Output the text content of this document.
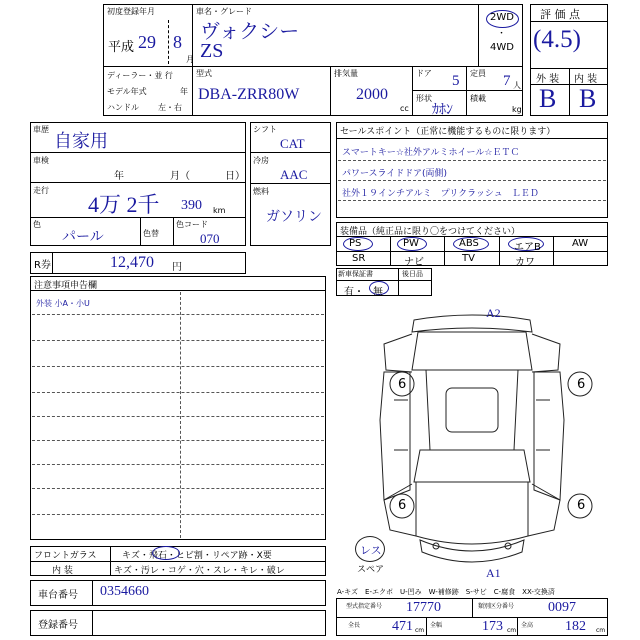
初度登録年月
平成 29 8
月
車名・グレード
ヴォクシー
ZS
2WD
・
4WD
ディーラー・並 行
モデル年式	年
ハンドル 左・右
型式
DBA-ZRR80W
排気量
2000
cc
ドア 5 定員 7 人
形状
ｶﾎﾝ
積載
kg
評 価 点
(4.5)
外 装 内 装
B B
車歴
自家用
車検
年	月（	日）
走行
4万 2千 390 km
色
パール	色替
色コード
070
シフト
CAT
冷房
AAC
燃料
ガソリン
R券	12,470 円
セールスポイント（正常に機能するものに限ります）
スマートキー☆社外アルミホイール☆ＥＴＣ
パワースライドドア(両側)
社外１９インチアルミ　プリクラッシュ　ＬＥＤ
装備品（純正品に限り〇をつけてください）
PS	PW	ABS	エアB	AW
SR	ナビ	TV	カワ
新車保証書	後日品
有・ 無
注意事項申告欄
外装 小A・小U
A2
A1
6	6
6	6
レス
スペア
フロントガラス	キズ・飛石・ヒビ割・リペア跡・X要
内 装	キズ・汚レ・コゲ・穴・スレ・キレ・破レ
A-キズ　E-エクボ　U-凹み　W-補修跡　S-サビ　C-腐食　XX-交換済
車台番号 0354660
登録番号
型式指定番号 17770	類別区分番号 0097
全長 471 cm
全幅	173 cm
全高 182 cm
